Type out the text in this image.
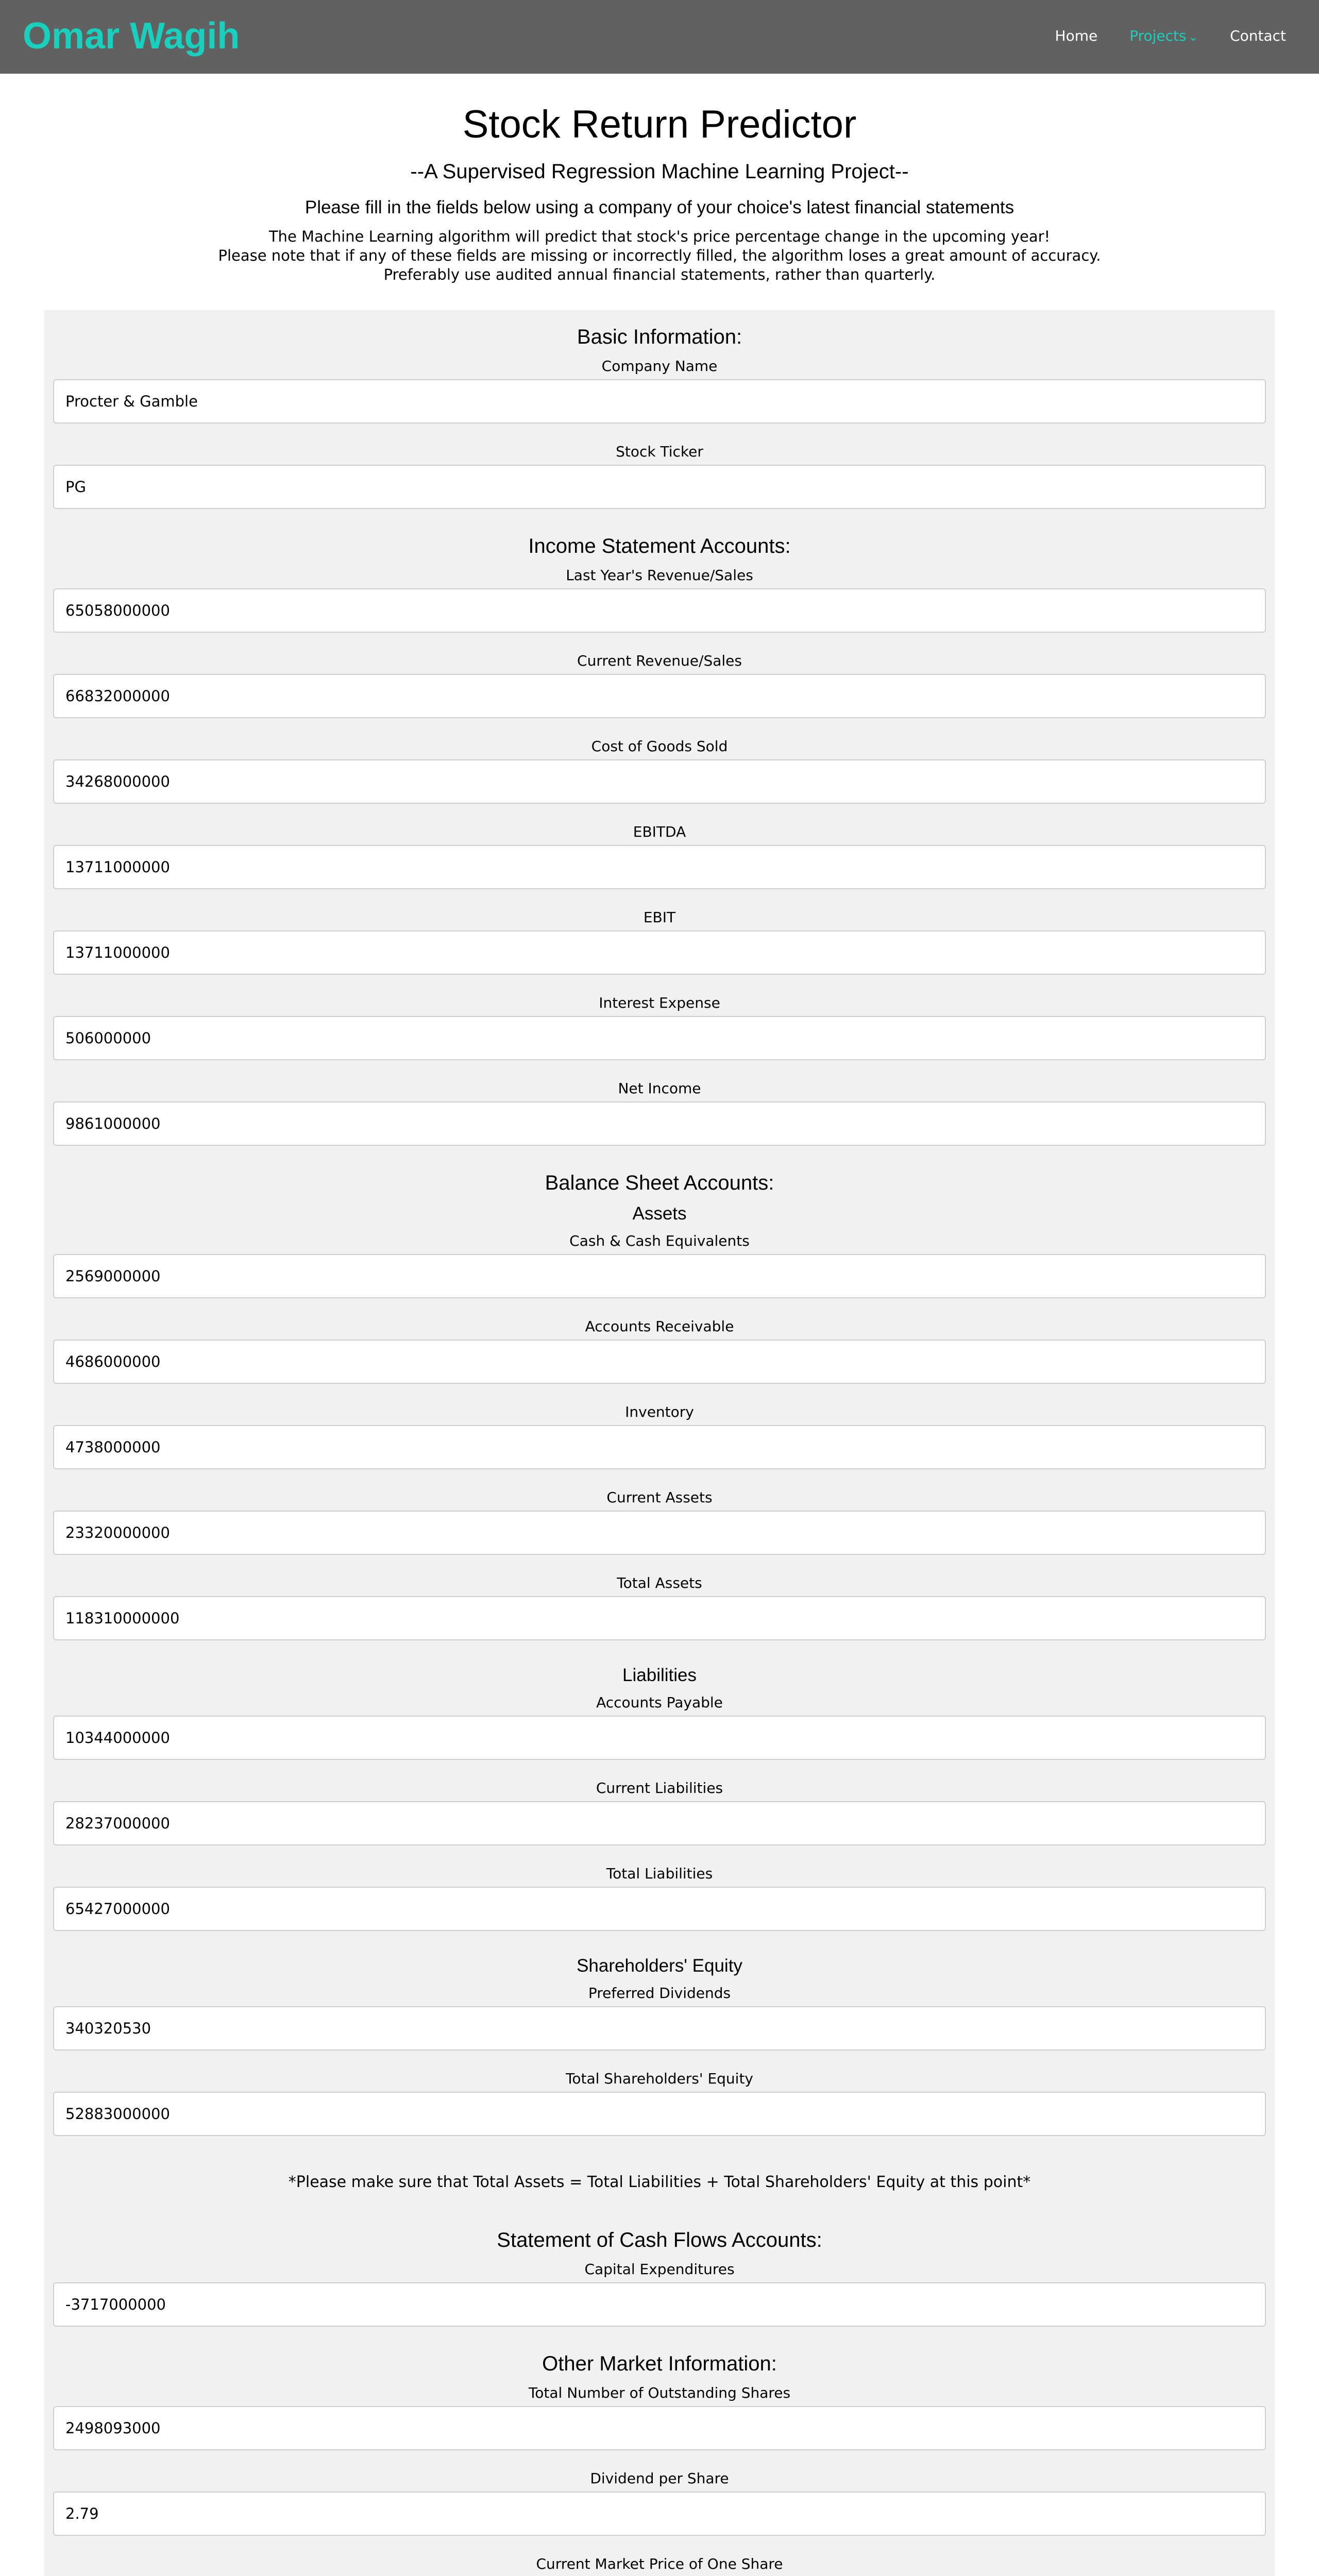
Omar Wagih	Home Projects ⌄ Contact
Stock Return Predictor
--A Supervised Regression Machine Learning Project--
Please fill in the fields below using a company of your choice's latest financial statements
The Machine Learning algorithm will predict that stock's price percentage change in the upcoming year!
Please note that if any of these fields are missing or incorrectly filled, the algorithm loses a great amount of accuracy.
Preferably use audited annual financial statements, rather than quarterly.
Basic Information:
Company Name
Procter & Gamble
Stock Ticker
PG
Income Statement Accounts:
Last Year's Revenue/Sales
65058000000
Current Revenue/Sales
66832000000
Cost of Goods Sold
34268000000
EBITDA
13711000000
EBIT
13711000000
Interest Expense
506000000
Net Income
9861000000
Balance Sheet Accounts:
Assets
Cash & Cash Equivalents
2569000000
Accounts Receivable
4686000000
Inventory
4738000000
Current Assets
23320000000
Total Assets
118310000000
Liabilities
Accounts Payable
10344000000
Current Liabilities
28237000000
Total Liabilities
65427000000
Shareholders' Equity
Preferred Dividends
340320530
Total Shareholders' Equity
52883000000
*Please make sure that Total Assets = Total Liabilities + Total Shareholders' Equity at this point*
Statement of Cash Flows Accounts:
Capital Expenditures
-3717000000
Other Market Information:
Total Number of Outstanding Shares
2498093000
Dividend per Share
2.79
Current Market Price of One Share
